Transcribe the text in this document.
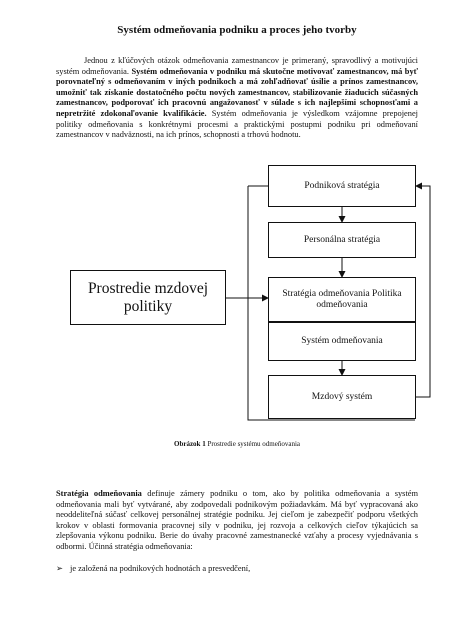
Systém odmeňovania podniku a proces jeho tvorby
Jednou z kľúčových otázok odmeňovania zamestnancov je primeraný, spravodlivý a motivujúci systém odmeňovania. Systém odmeňovania v podniku má skutočne motivovať zamestnancov, má byť porovnateľný s odmeňovaním v iných podnikoch a má zohľadňovať úsilie a prínos zamestnancov, umožniť tak získanie dostatočného počtu nových zamestnancov, stabilizovanie žiaducich súčasných zamestnancov, podporovať ich pracovnú angažovanosť v súlade s ich najlepšími schopnosťami a nepretržité zdokonaľovanie kvalifikácie. Systém odmeňovania je výsledkom vzájomne prepojenej politiky odmeňovania s konkrétnymi procesmi a praktickými postupmi podniku pri odmeňovaní zamestnancov v nadväznosti, na ich prínos, schopnosti a trhovú hodnotu.
Prostredie mzdovej politiky
Podniková stratégia
Personálna stratégia
Stratégia odmeňovania Politika odmeňovania
Systém odmeňovania
Mzdový systém
Obrázok 1 Prostredie systému odmeňovania
Stratégia odmeňovania definuje zámery podniku o tom, ako by politika odmeňovania a systém odmeňovania mali byť vytvárané, aby zodpovedali podnikovým požiadavkám. Má byť vypracovaná ako neoddeliteľná súčasť celkovej personálnej stratégie podniku. Jej cieľom je zabezpečiť podporu všetkých krokov v oblasti formovania pracovnej sily v podniku, jej rozvoja a celkových cieľov týkajúcich sa zlepšovania výkonu podniku. Berie do úvahy pracovné zamestnanecké vzťahy a procesy vyjednávania s odbormi. Účinná stratégia odmeňovania:
➢ je založená na podnikových hodnotách a presvedčení,
